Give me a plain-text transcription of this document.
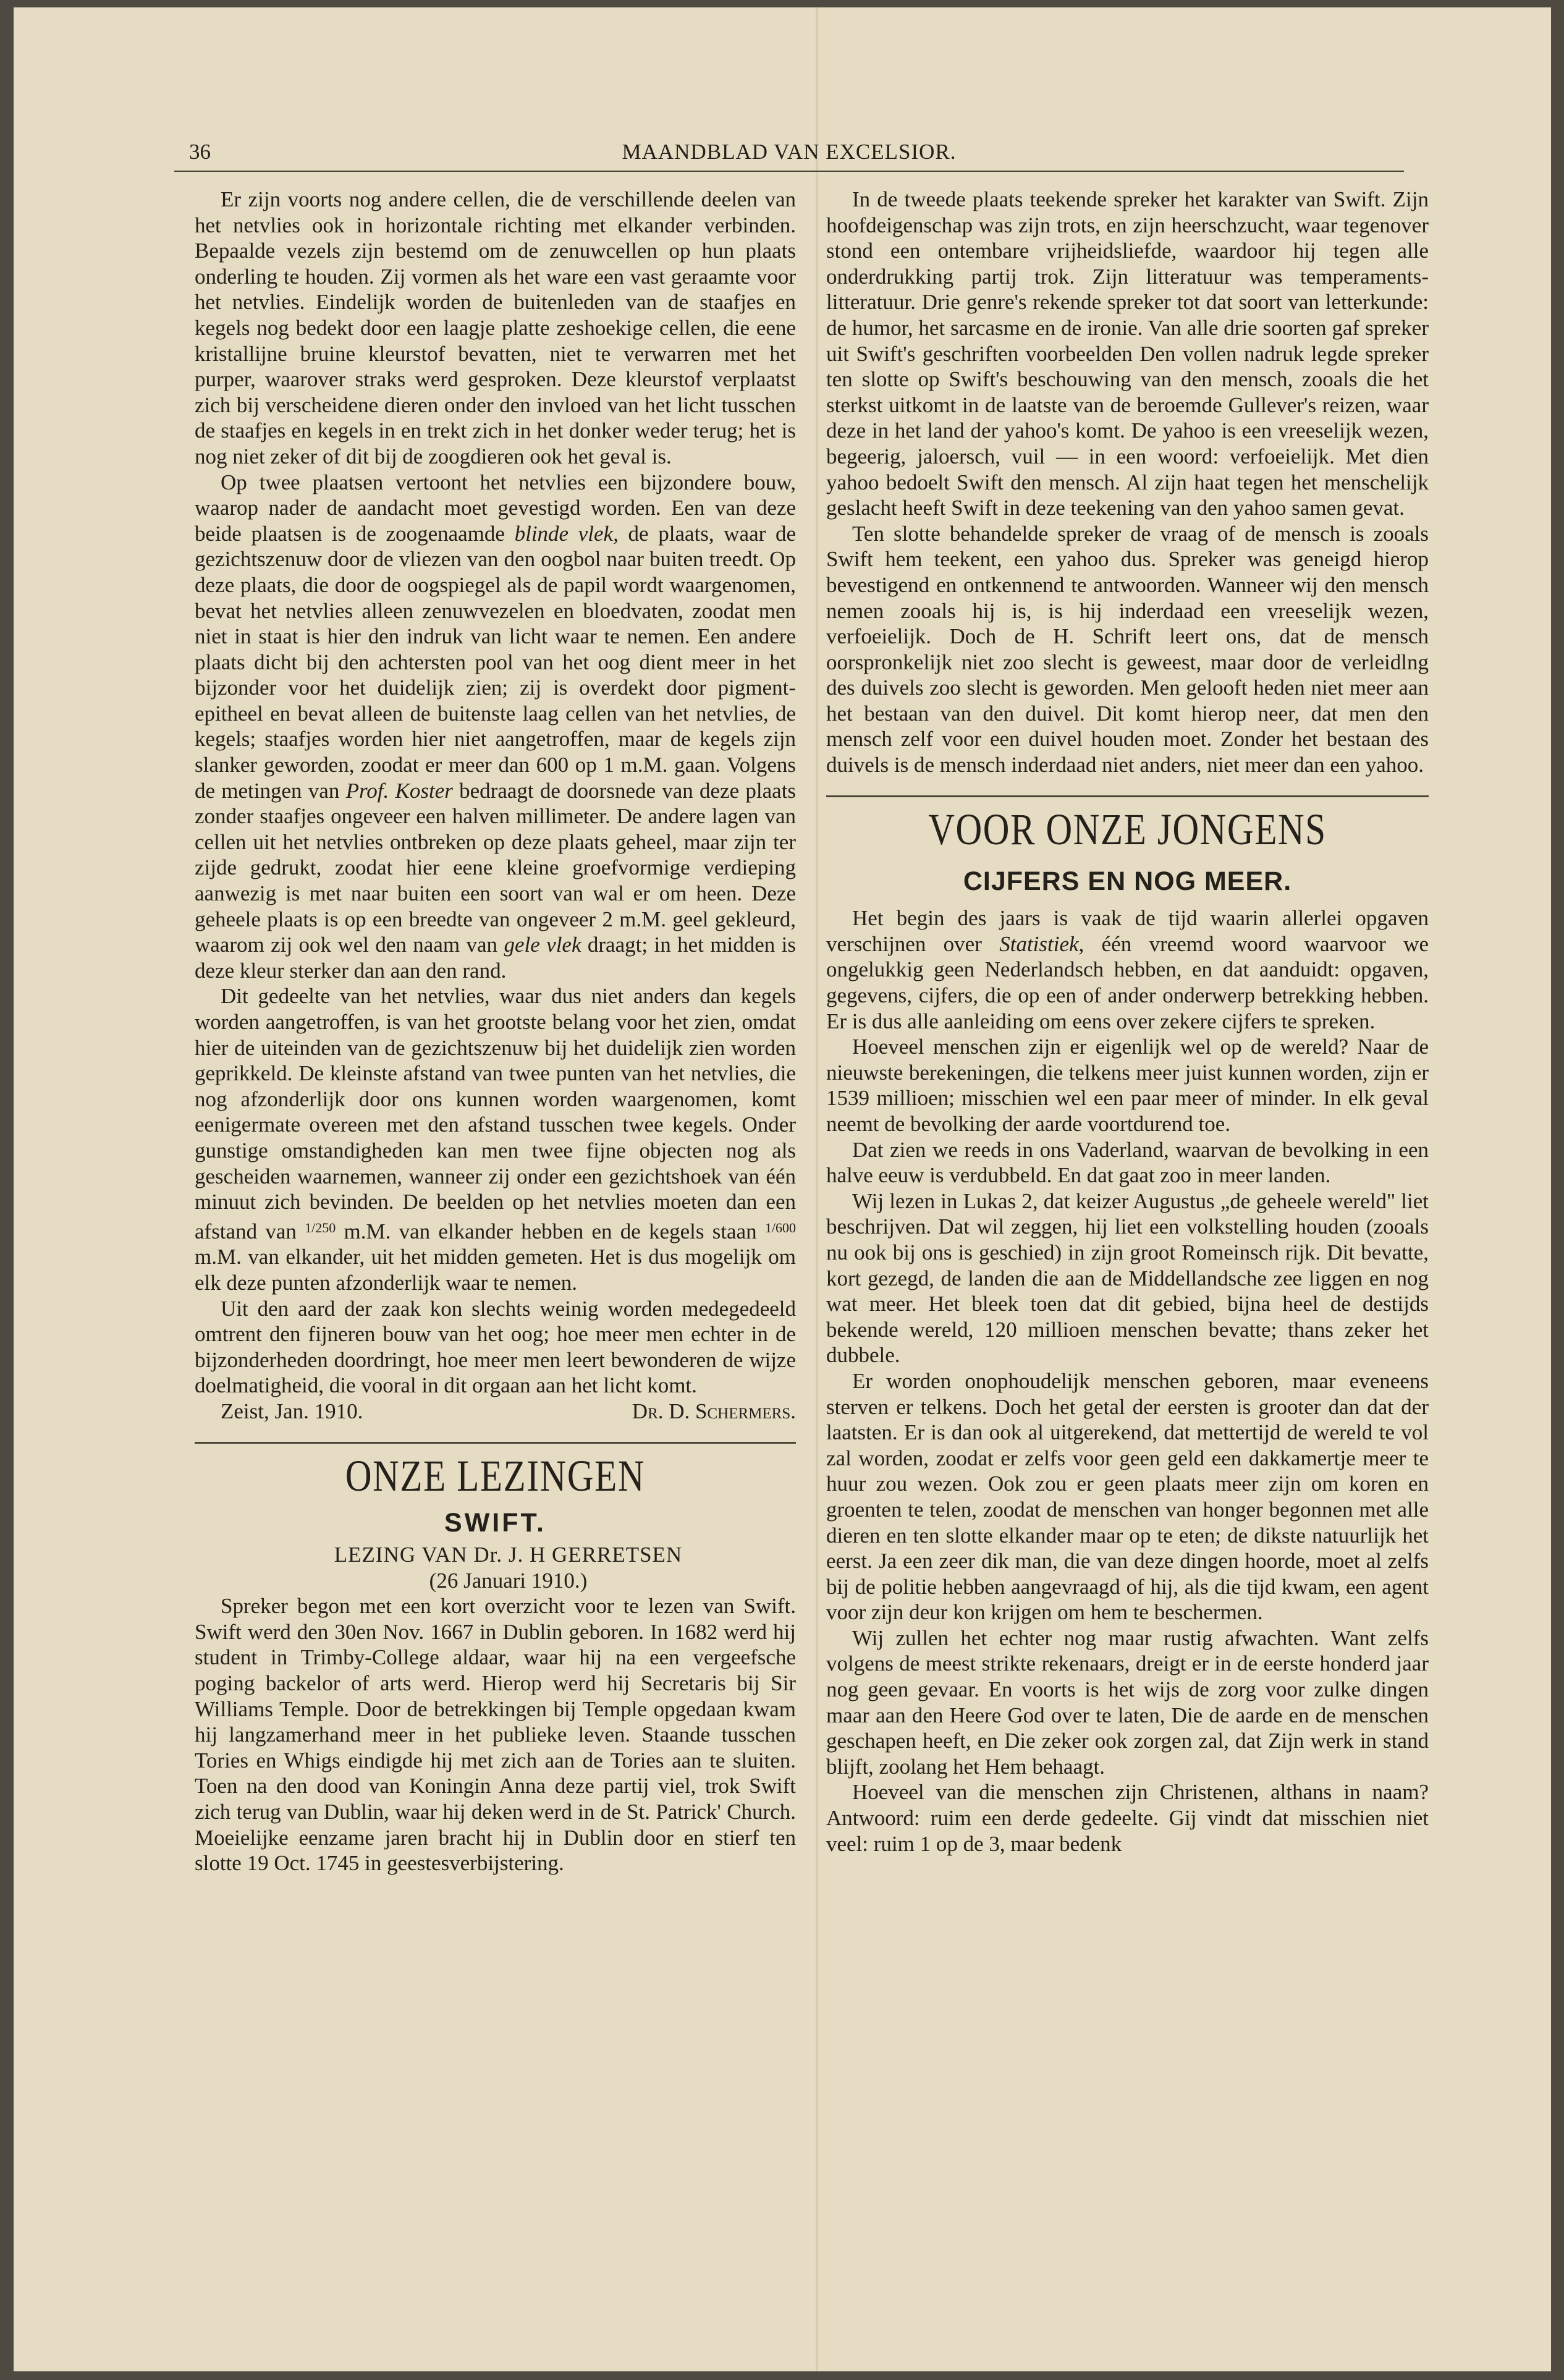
36	MAANDBLAD VAN EXCELSIOR.

Er zijn voorts nog andere cellen, die de verschillende deelen van het netvlies ook in horizontale richting met elkander verbinden. Bepaalde vezels zijn bestemd om de zenuwcellen op hun plaats onderling te houden. Zij vormen als het ware een vast geraamte voor het netvlies. Eindelijk worden de buitenleden van de staafjes en kegels nog bedekt door een laagje platte zeshoekige cellen, die eene kristallijne bruine kleurstof bevatten, niet te verwarren met het purper, waarover straks werd gesproken. Deze kleurstof verplaatst zich bij verscheidene dieren onder den invloed van het licht tusschen de staafjes en kegels in en trekt zich in het donker weder terug; het is nog niet zeker of dit bij de zoogdieren ook het geval is.

Op twee plaatsen vertoont het netvlies een bijzondere bouw, waarop nader de aandacht moet gevestigd worden. Een van deze beide plaatsen is de zoogenaamde blinde vlek, de plaats, waar de gezichtszenuw door de vliezen van den oogbol naar buiten treedt. Op deze plaats, die door de oogspiegel als de papil wordt waargenomen, bevat het netvlies alleen zenuwvezelen en bloedvaten, zoodat men niet in staat is hier den indruk van licht waar te nemen. Een andere plaats dicht bij den achtersten pool van het oog dient meer in het bijzonder voor het duidelijk zien; zij is overdekt door pigment-epitheel en bevat alleen de buitenste laag cellen van het netvlies, de kegels; staafjes worden hier niet aangetroffen, maar de kegels zijn slanker geworden, zoodat er meer dan 600 op 1 m.M. gaan. Volgens de metingen van Prof. Koster bedraagt de doorsnede van deze plaats zonder staafjes ongeveer een halven millimeter. De andere lagen van cellen uit het netvlies ontbreken op deze plaats geheel, maar zijn ter zijde gedrukt, zoodat hier eene kleine groefvormige verdieping aanwezig is met naar buiten een soort van wal er om heen. Deze geheele plaats is op een breedte van ongeveer 2 m.M. geel gekleurd, waarom zij ook wel den naam van gele vlek draagt; in het midden is deze kleur sterker dan aan den rand.

Dit gedeelte van het netvlies, waar dus niet anders dan kegels worden aangetroffen, is van het grootste belang voor het zien, omdat hier de uiteinden van de gezichtszenuw bij het duidelijk zien worden geprikkeld. De kleinste afstand van twee punten van het netvlies, die nog afzonderlijk door ons kunnen worden waargenomen, komt eenigermate overeen met den afstand tusschen twee kegels. Onder gunstige omstandigheden kan men twee fijne objecten nog als gescheiden waarnemen, wanneer zij onder een gezichtshoek van één minuut zich bevinden. De beelden op het netvlies moeten dan een afstand van $^{1/250}$ m.M. van elkander hebben en de kegels staan $^{1/600}$ m.M. van elkander, uit het midden gemeten. Het is dus mogelijk om elk deze punten afzonderlijk waar te nemen.

Uit den aard der zaak kon slechts weinig worden medegedeeld omtrent den fijneren bouw van het oog; hoe meer men echter in de bijzonderheden doordringt, hoe meer men leert bewonderen de wijze doelmatigheid, die vooral in dit orgaan aan het licht komt.

Zeist, Jan. 1910.	Dr. D. Schermers.
ONZE LEZINGEN
SWIFT.

LEZING VAN Dr. J. H GERRETSEN

(26 Januari 1910.)

Spreker begon met een kort overzicht voor te lezen van Swift. Swift werd den 30en Nov. 1667 in Dublin geboren. In 1682 werd hij student in Trimby-College aldaar, waar hij na een vergeefsche poging backelor of arts werd. Hierop werd hij Secretaris bij Sir Williams Temple. Door de betrekkingen bij Temple opgedaan kwam hij langzamerhand meer in het publieke leven. Staande tusschen Tories en Whigs eindigde hij met zich aan de Tories aan te sluiten. Toen na den dood van Koningin Anna deze partij viel, trok Swift zich terug van Dublin, waar hij deken werd in de St. Patrick' Church. Moeielijke eenzame jaren bracht hij in Dublin door en stierf ten slotte 19 Oct. 1745 in geestesverbijstering.

In de tweede plaats teekende spreker het karakter van Swift. Zijn hoofdeigenschap was zijn trots, en zijn heerschzucht, waar tegenover stond een ontembare vrijheidsliefde, waardoor hij tegen alle onderdrukking partij trok. Zijn litteratuur was temperaments-litteratuur. Drie genre's rekende spreker tot dat soort van letterkunde: de humor, het sarcasme en de ironie. Van alle drie soorten gaf spreker uit Swift's geschriften voorbeelden Den vollen nadruk legde spreker ten slotte op Swift's beschouwing van den mensch, zooals die het sterkst uitkomt in de laatste van de beroemde Gullever's reizen, waar deze in het land der yahoo's komt. De yahoo is een vreeselijk wezen, begeerig, jaloersch, vuil — in een woord: verfoeielijk. Met dien yahoo bedoelt Swift den mensch. Al zijn haat tegen het menschelijk geslacht heeft Swift in deze teekening van den yahoo samen gevat.

Ten slotte behandelde spreker de vraag of de mensch is zooals Swift hem teekent, een yahoo dus. Spreker was geneigd hierop bevestigend en ontkennend te antwoorden. Wanneer wij den mensch nemen zooals hij is, is hij inderdaad een vreeselijk wezen, verfoeielijk. Doch de H. Schrift leert ons, dat de mensch oorspronkelijk niet zoo slecht is geweest, maar door de verleidlng des duivels zoo slecht is geworden. Men gelooft heden niet meer aan het bestaan van den duivel. Dit komt hierop neer, dat men den mensch zelf voor een duivel houden moet. Zonder het bestaan des duivels is de mensch inderdaad niet anders, niet meer dan een yahoo.

VOOR ONZE JONGENS
CIJFERS EN NOG MEER.

Het begin des jaars is vaak de tijd waarin allerlei opgaven verschijnen over Statistiek, één vreemd woord waarvoor we ongelukkig geen Nederlandsch hebben, en dat aanduidt: opgaven, gegevens, cijfers, die op een of ander onderwerp betrekking hebben. Er is dus alle aanleiding om eens over zekere cijfers te spreken.

Hoeveel menschen zijn er eigenlijk wel op de wereld? Naar de nieuwste berekeningen, die telkens meer juist kunnen worden, zijn er 1539 millioen; misschien wel een paar meer of minder. In elk geval neemt de bevolking der aarde voortdurend toe.

Dat zien we reeds in ons Vaderland, waarvan de bevolking in een halve eeuw is verdubbeld. En dat gaat zoo in meer landen.

Wij lezen in Lukas 2, dat keizer Augustus „de geheele wereld" liet beschrijven. Dat wil zeggen, hij liet een volkstelling houden (zooals nu ook bij ons is geschied) in zijn groot Romeinsch rijk. Dit bevatte, kort gezegd, de landen die aan de Middellandsche zee liggen en nog wat meer. Het bleek toen dat dit gebied, bijna heel de destijds bekende wereld, 120 millioen menschen bevatte; thans zeker het dubbele.

Er worden onophoudelijk menschen geboren, maar eveneens sterven er telkens. Doch het getal der eersten is grooter dan dat der laatsten. Er is dan ook al uitgerekend, dat mettertijd de wereld te vol zal worden, zoodat er zelfs voor geen geld een dakkamertje meer te huur zou wezen. Ook zou er geen plaats meer zijn om koren en groenten te telen, zoodat de menschen van honger begonnen met alle dieren en ten slotte elkander maar op te eten; de dikste natuurlijk het eerst. Ja een zeer dik man, die van deze dingen hoorde, moet al zelfs bij de politie hebben aangevraagd of hij, als die tijd kwam, een agent voor zijn deur kon krijgen om hem te beschermen.

Wij zullen het echter nog maar rustig afwachten. Want zelfs volgens de meest strikte rekenaars, dreigt er in de eerste honderd jaar nog geen gevaar. En voorts is het wijs de zorg voor zulke dingen maar aan den Heere God over te laten, Die de aarde en de menschen geschapen heeft, en Die zeker ook zorgen zal, dat Zijn werk in stand blijft, zoolang het Hem behaagt.

Hoeveel van die menschen zijn Christenen, althans in naam? Antwoord: ruim een derde gedeelte. Gij vindt dat misschien niet veel: ruim 1 op de 3, maar bedenk
